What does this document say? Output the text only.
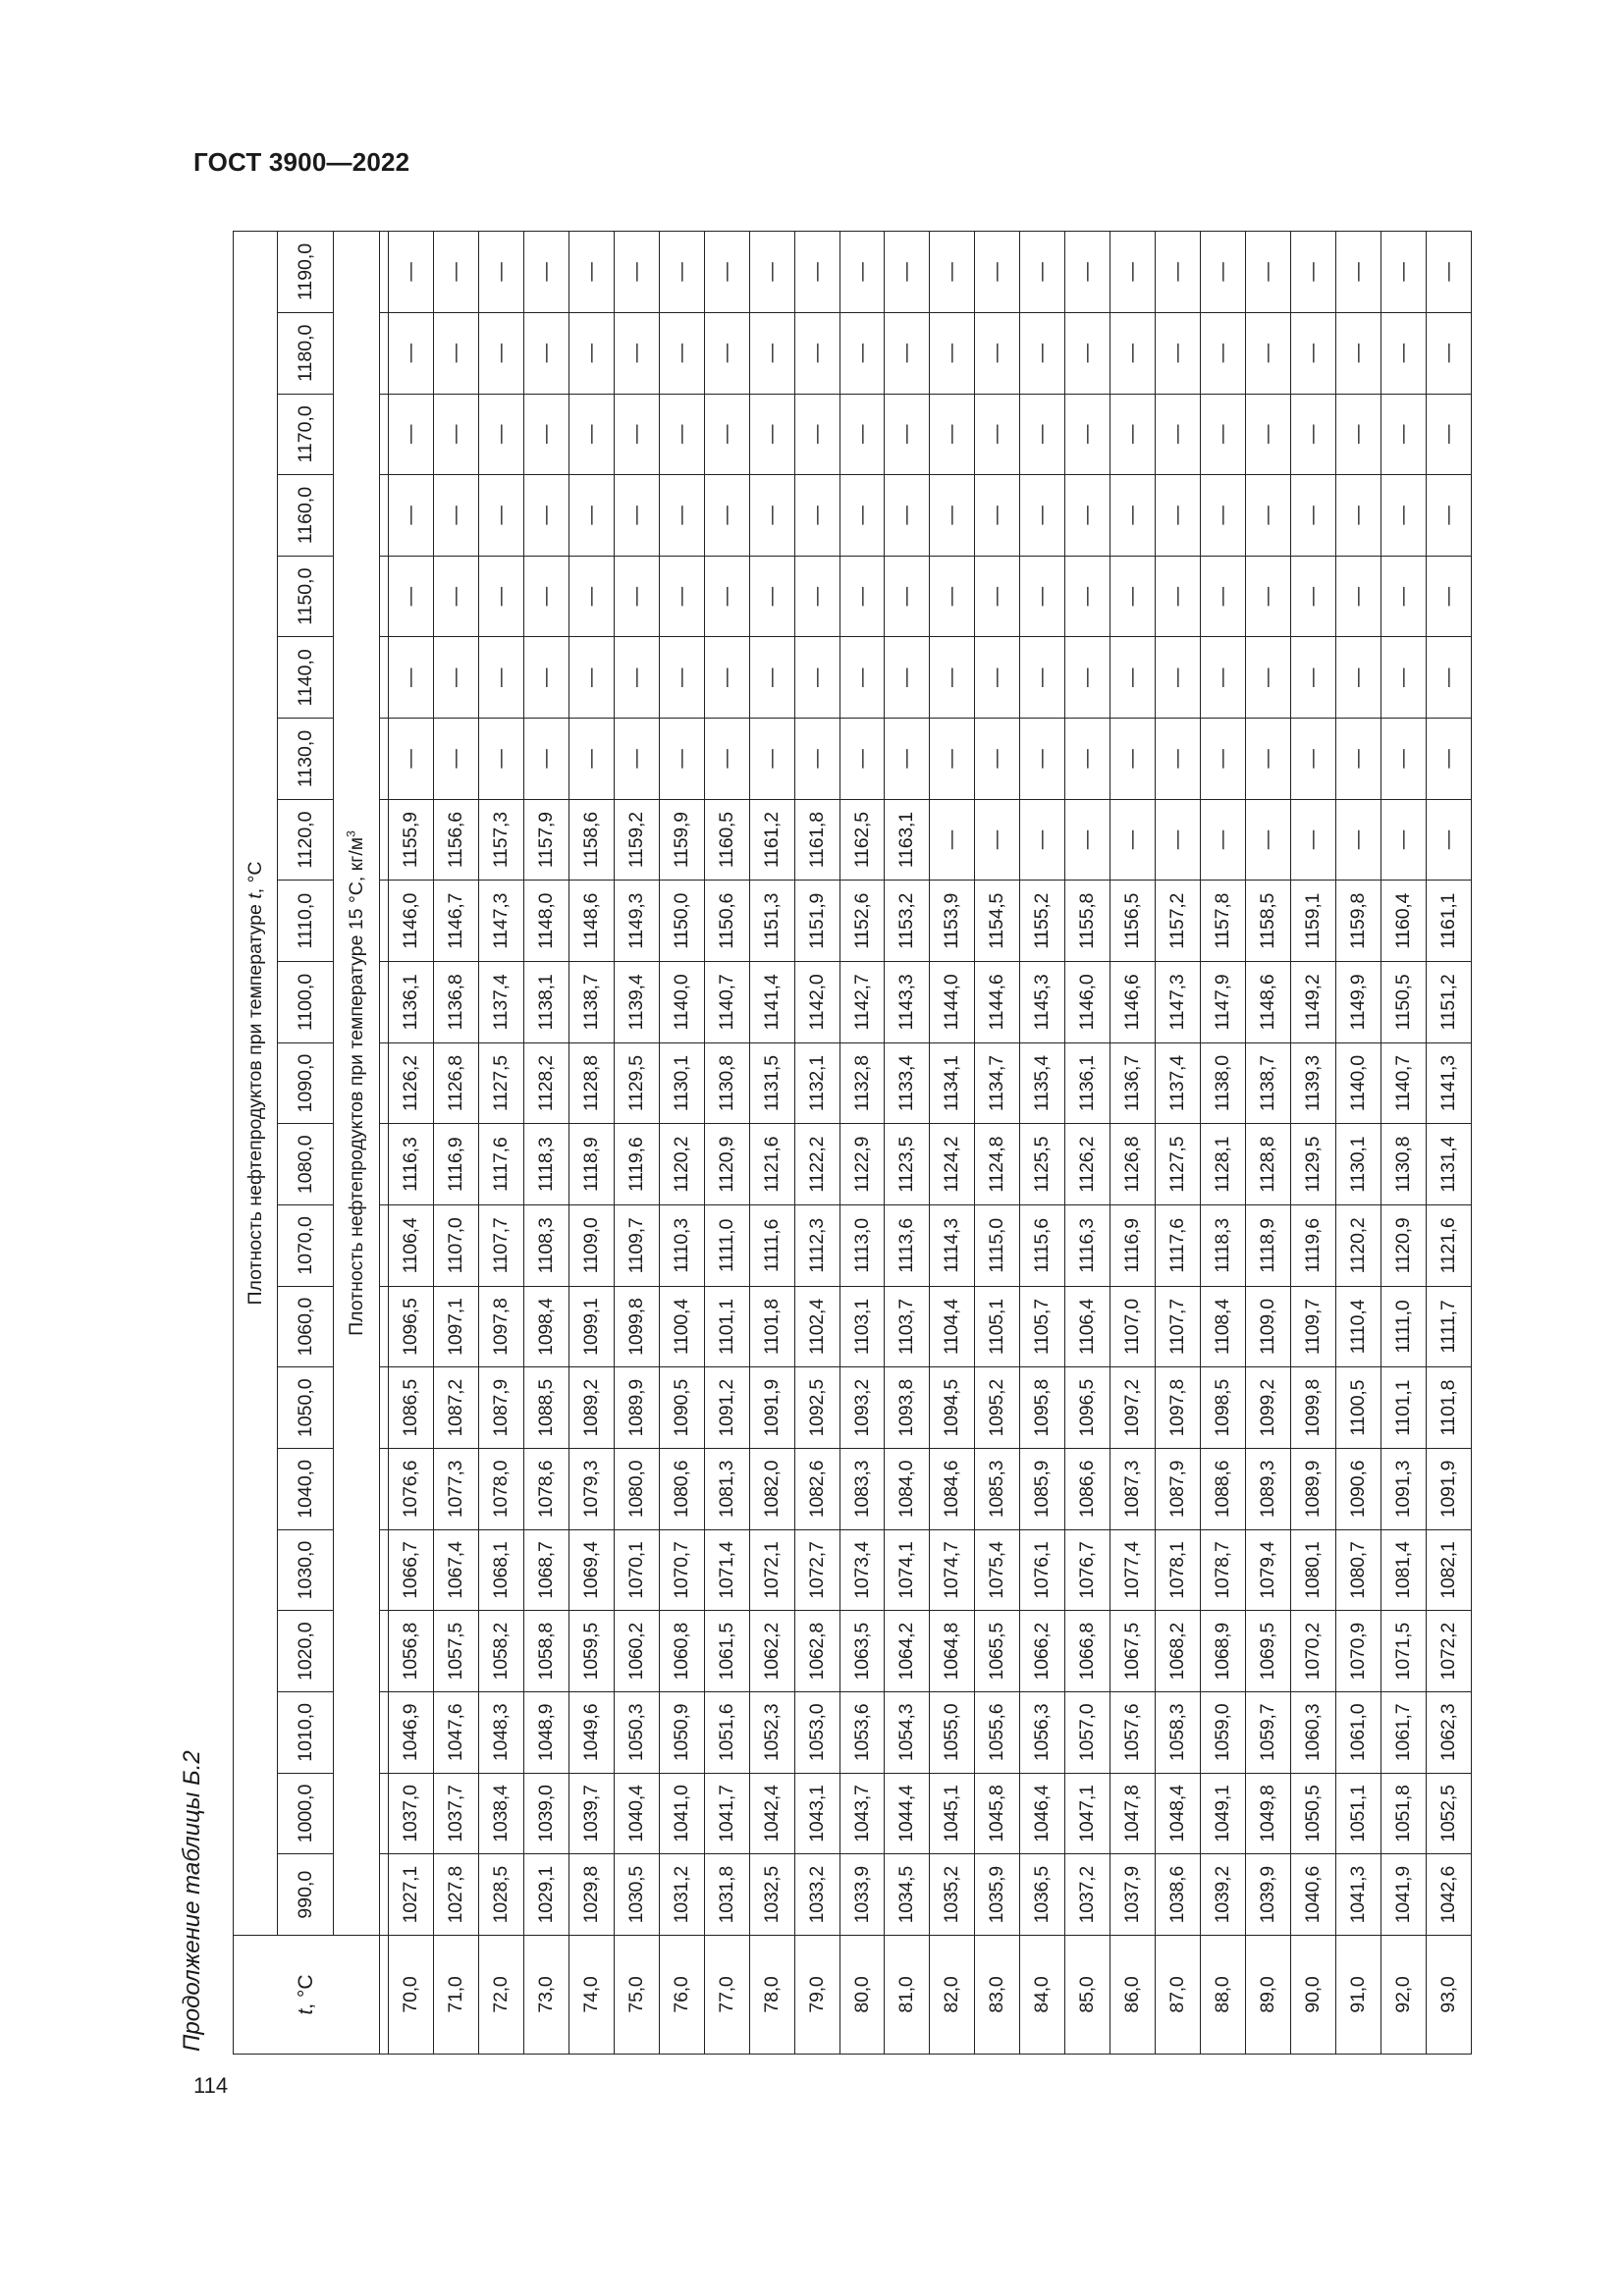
ГОСТ 3900—2022
Продолжение таблицы Б.2	t, °C	Плотность нефтепродуктов при температуре t, °C																				
	990,0	1000,0	1010,0	1020,0	1030,0	1040,0	1050,0	1060,0	1070,0	1080,0	1090,0	1100,0	1110,0	1120,0	1130,0	1140,0	1150,0	1160,0	1170,0	1180,0	1190,0
	Плотность нефтепродуктов при температуре 15 °С, $кг/м^3$

70,0	1027,1	1037,0	1046,9	1056,8	1066,7	1076,6	1086,5	1096,5	1106,4	1116,3	1126,2	1136,1	1146,0	1155,9	—	—	—	—	—	—	—
71,0	1027,8	1037,7	1047,6	1057,5	1067,4	1077,3	1087,2	1097,1	1107,0	1116,9	1126,8	1136,8	1146,7	1156,6	—	—	—	—	—	—	—
72,0	1028,5	1038,4	1048,3	1058,2	1068,1	1078,0	1087,9	1097,8	1107,7	1117,6	1127,5	1137,4	1147,3	1157,3	—	—	—	—	—	—	—
73,0	1029,1	1039,0	1048,9	1058,8	1068,7	1078,6	1088,5	1098,4	1108,3	1118,3	1128,2	1138,1	1148,0	1157,9	—	—	—	—	—	—	—
74,0	1029,8	1039,7	1049,6	1059,5	1069,4	1079,3	1089,2	1099,1	1109,0	1118,9	1128,8	1138,7	1148,6	1158,6	—	—	—	—	—	—	—
75,0	1030,5	1040,4	1050,3	1060,2	1070,1	1080,0	1089,9	1099,8	1109,7	1119,6	1129,5	1139,4	1149,3	1159,2	—	—	—	—	—	—	—
76,0	1031,2	1041,0	1050,9	1060,8	1070,7	1080,6	1090,5	1100,4	1110,3	1120,2	1130,1	1140,0	1150,0	1159,9	—	—	—	—	—	—	—
77,0	1031,8	1041,7	1051,6	1061,5	1071,4	1081,3	1091,2	1101,1	1111,0	1120,9	1130,8	1140,7	1150,6	1160,5	—	—	—	—	—	—	—
78,0	1032,5	1042,4	1052,3	1062,2	1072,1	1082,0	1091,9	1101,8	1111,6	1121,6	1131,5	1141,4	1151,3	1161,2	—	—	—	—	—	—	—
79,0	1033,2	1043,1	1053,0	1062,8	1072,7	1082,6	1092,5	1102,4	1112,3	1122,2	1132,1	1142,0	1151,9	1161,8	—	—	—	—	—	—	—
80,0	1033,9	1043,7	1053,6	1063,5	1073,4	1083,3	1093,2	1103,1	1113,0	1122,9	1132,8	1142,7	1152,6	1162,5	—	—	—	—	—	—	—
81,0	1034,5	1044,4	1054,3	1064,2	1074,1	1084,0	1093,8	1103,7	1113,6	1123,5	1133,4	1143,3	1153,2	1163,1	—	—	—	—	—	—	—
82,0	1035,2	1045,1	1055,0	1064,8	1074,7	1084,6	1094,5	1104,4	1114,3	1124,2	1134,1	1144,0	1153,9	—	—	—	—	—	—	—	—
83,0	1035,9	1045,8	1055,6	1065,5	1075,4	1085,3	1095,2	1105,1	1115,0	1124,8	1134,7	1144,6	1154,5	—	—	—	—	—	—	—	—
84,0	1036,5	1046,4	1056,3	1066,2	1076,1	1085,9	1095,8	1105,7	1115,6	1125,5	1135,4	1145,3	1155,2	—	—	—	—	—	—	—	—
85,0	1037,2	1047,1	1057,0	1066,8	1076,7	1086,6	1096,5	1106,4	1116,3	1126,2	1136,1	1146,0	1155,8	—	—	—	—	—	—	—	—
86,0	1037,9	1047,8	1057,6	1067,5	1077,4	1087,3	1097,2	1107,0	1116,9	1126,8	1136,7	1146,6	1156,5	—	—	—	—	—	—	—	—
87,0	1038,6	1048,4	1058,3	1068,2	1078,1	1087,9	1097,8	1107,7	1117,6	1127,5	1137,4	1147,3	1157,2	—	—	—	—	—	—	—	—
88,0	1039,2	1049,1	1059,0	1068,9	1078,7	1088,6	1098,5	1108,4	1118,3	1128,1	1138,0	1147,9	1157,8	—	—	—	—	—	—	—	—
89,0	1039,9	1049,8	1059,7	1069,5	1079,4	1089,3	1099,2	1109,0	1118,9	1128,8	1138,7	1148,6	1158,5	—	—	—	—	—	—	—	—
90,0	1040,6	1050,5	1060,3	1070,2	1080,1	1089,9	1099,8	1109,7	1119,6	1129,5	1139,3	1149,2	1159,1	—	—	—	—	—	—	—	—
91,0	1041,3	1051,1	1061,0	1070,9	1080,7	1090,6	1100,5	1110,4	1120,2	1130,1	1140,0	1149,9	1159,8	—	—	—	—	—	—	—	—
92,0	1041,9	1051,8	1061,7	1071,5	1081,4	1091,3	1101,1	1111,0	1120,9	1130,8	1140,7	1150,5	1160,4	—	—	—	—	—	—	—	—
93,0	1042,6	1052,5	1062,3	1072,2	1082,1	1091,9	1101,8	1111,7	1121,6	1131,4	1141,3	1151,2	1161,1	—	—	—	—	—	—	—	—
114
